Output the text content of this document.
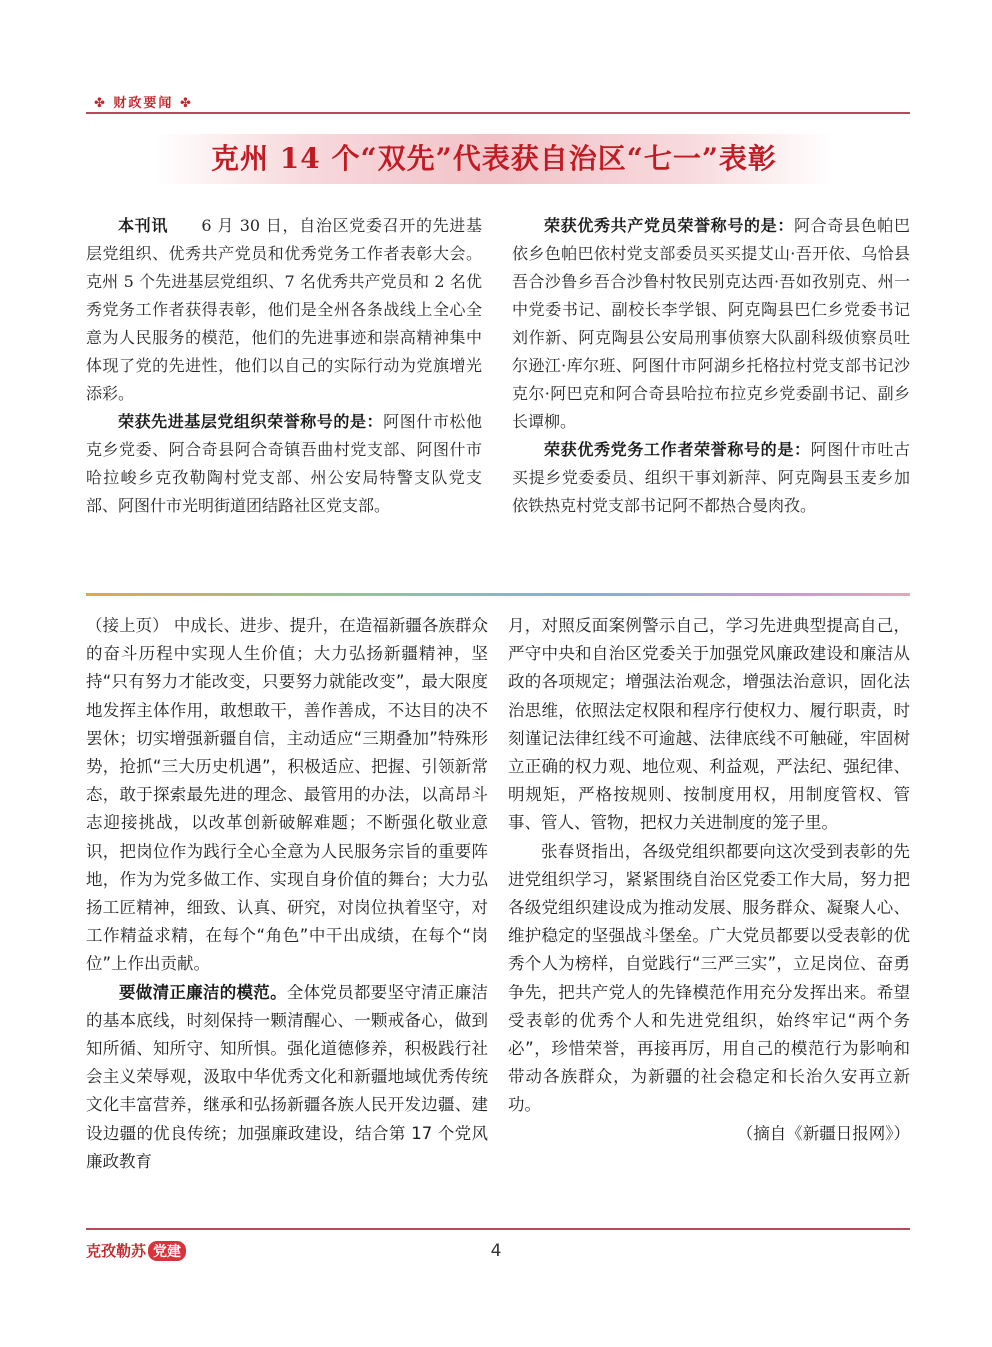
✤ 财政要闻 ✤
克州 14 个“双先”代表获自治区“七一”表彰

本刊讯　　6 月 30 日，自治区党委召开的先进基层党组织、优秀共产党员和优秀党务工作者表彰大会。克州 5 个先进基层党组织、7 名优秀共产党员和 2 名优秀党务工作者获得表彰，他们是全州各条战线上全心全意为人民服务的模范，他们的先进事迹和崇高精神集中体现了党的先进性，他们以自己的实际行动为党旗增光添彩。

荣获先进基层党组织荣誉称号的是：阿图什市松他克乡党委、阿合奇县阿合奇镇吾曲村党支部、阿图什市哈拉峻乡克孜勒陶村党支部、州公安局特警支队党支部、阿图什市光明街道团结路社区党支部。

荣获优秀共产党员荣誉称号的是：阿合奇县色帕巴依乡色帕巴依村党支部委员买买提艾山·吾开依、乌恰县吾合沙鲁乡吾合沙鲁村牧民别克达西·吾如孜别克、州一中党委书记、副校长李学银、阿克陶县巴仁乡党委书记刘作新、阿克陶县公安局刑事侦察大队副科级侦察员吐尔逊江·库尔班、阿图什市阿湖乡托格拉村党支部书记沙克尔·阿巴克和阿合奇县哈拉布拉克乡党委副书记、副乡长谭柳。

荣获优秀党务工作者荣誉称号的是：阿图什市吐古买提乡党委委员、组织干事刘新萍、阿克陶县玉麦乡加依铁热克村党支部书记阿不都热合曼肉孜。

（接上页） 中成长、进步、提升，在造福新疆各族群众的奋斗历程中实现人生价值；大力弘扬新疆精神，坚持“只有努力才能改变，只要努力就能改变”，最大限度地发挥主体作用，敢想敢干，善作善成，不达目的决不罢休；切实增强新疆自信，主动适应“三期叠加”特殊形势，抢抓“三大历史机遇”，积极适应、把握、引领新常态，敢于探索最先进的理念、最管用的办法，以高昂斗志迎接挑战，以改革创新破解难题；不断强化敬业意识，把岗位作为践行全心全意为人民服务宗旨的重要阵地，作为为党多做工作、实现自身价值的舞台；大力弘扬工匠精神，细致、认真、研究，对岗位执着坚守，对工作精益求精，在每个“角色”中干出成绩，在每个“岗位”上作出贡献。

要做清正廉洁的模范。全体党员都要坚守清正廉洁的基本底线，时刻保持一颗清醒心、一颗戒备心，做到知所循、知所守、知所惧。强化道德修养，积极践行社会主义荣辱观，汲取中华优秀文化和新疆地域优秀传统文化丰富营养，继承和弘扬新疆各族人民开发边疆、建设边疆的优良传统；加强廉政建设，结合第 17 个党风廉政教育

月，对照反面案例警示自己，学习先进典型提高自己，严守中央和自治区党委关于加强党风廉政建设和廉洁从政的各项规定；增强法治观念，增强法治意识，固化法治思维，依照法定权限和程序行使权力、履行职责，时刻谨记法律红线不可逾越、法律底线不可触碰，牢固树立正确的权力观、地位观、利益观，严法纪、强纪律、明规矩，严格按规则、按制度用权，用制度管权、管事、管人、管物，把权力关进制度的笼子里。

张春贤指出，各级党组织都要向这次受到表彰的先进党组织学习，紧紧围绕自治区党委工作大局，努力把各级党组织建设成为推动发展、服务群众、凝聚人心、维护稳定的坚强战斗堡垒。广大党员都要以受表彰的优秀个人为榜样，自觉践行“三严三实”，立足岗位、奋勇争先，把共产党人的先锋模范作用充分发挥出来。希望受表彰的优秀个人和先进党组织，始终牢记“两个务必”，珍惜荣誉，再接再厉，用自己的模范行为影响和带动各族群众，为新疆的社会稳定和长治久安再立新功。

（摘自《新疆日报网》）
克孜勒苏 党建	4
